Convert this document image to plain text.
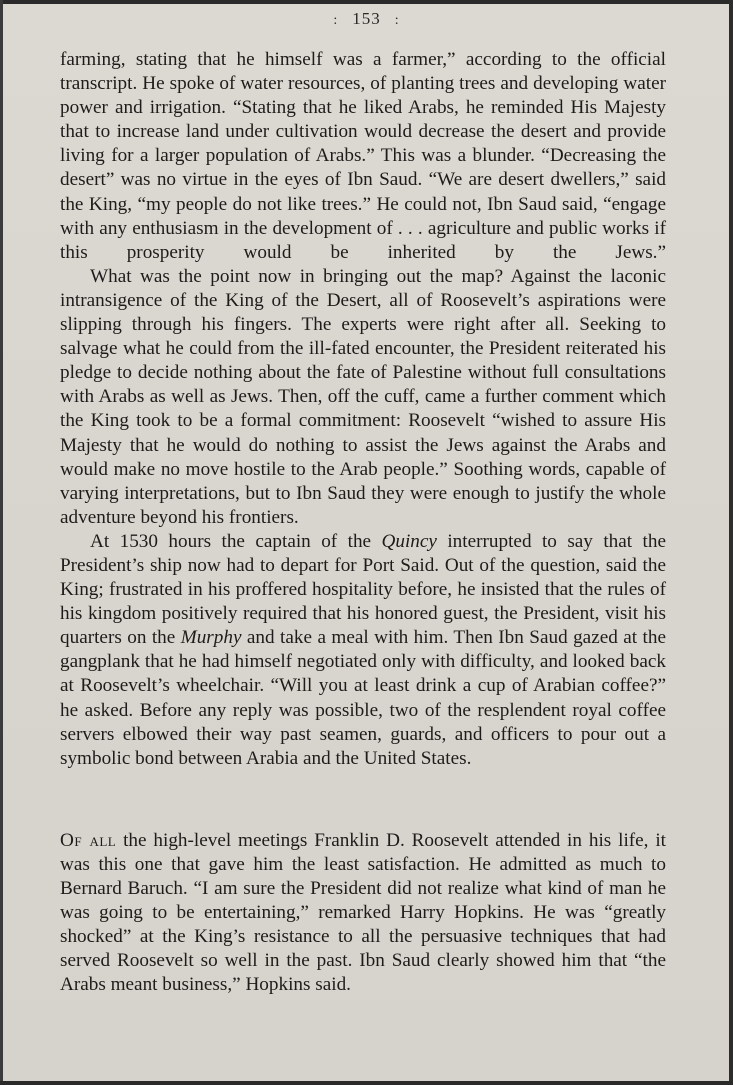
: 153 :

farming, stating that he himself was a farmer,” according to the official transcript. He spoke of water resources, of planting trees and developing water power and irrigation. “Stating that he liked Arabs, he reminded His Majesty that to increase land under cultivation would decrease the desert and provide living for a larger population of Arabs.” This was a blunder. “Decreasing the desert” was no virtue in the eyes of Ibn Saud. “We are desert dwellers,” said the King, “my people do not like trees.” He could not, Ibn Saud said, “engage with any enthusiasm in the development of . . . agriculture and public works if this prosperity would be inherited by the Jews.”

What was the point now in bringing out the map? Against the laconic intransigence of the King of the Desert, all of Roosevelt’s aspirations were slipping through his fingers. The experts were right after all. Seeking to salvage what he could from the ill-fated encounter, the President reiterated his pledge to decide nothing about the fate of Palestine without full consultations with Arabs as well as Jews. Then, off the cuff, came a further comment which the King took to be a formal commitment: Roosevelt “wished to assure His Majesty that he would do nothing to assist the Jews against the Arabs and would make no move hostile to the Arab people.” Soothing words, capable of varying interpretations, but to Ibn Saud they were enough to justify the whole adventure beyond his frontiers.

At 1530 hours the captain of the Quincy interrupted to say that the President’s ship now had to depart for Port Said. Out of the question, said the King; frustrated in his proffered hospitality before, he insisted that the rules of his kingdom positively required that his honored guest, the President, visit his quarters on the Murphy and take a meal with him. Then Ibn Saud gazed at the gangplank that he had himself negotiated only with difficulty, and looked back at Roosevelt’s wheelchair. “Will you at least drink a cup of Arabian coffee?” he asked. Before any reply was possible, two of the resplendent royal coffee servers elbowed their way past seamen, guards, and officers to pour out a symbolic bond between Arabia and the United States.

Of all the high-level meetings Franklin D. Roosevelt attended in his life, it was this one that gave him the least satisfaction. He admitted as much to Bernard Baruch. “I am sure the President did not realize what kind of man he was going to be entertaining,” remarked Harry Hopkins. He was “greatly shocked” at the King’s resistance to all the persuasive techniques that had served Roosevelt so well in the past. Ibn Saud clearly showed him that “the Arabs meant business,” Hopkins said.
